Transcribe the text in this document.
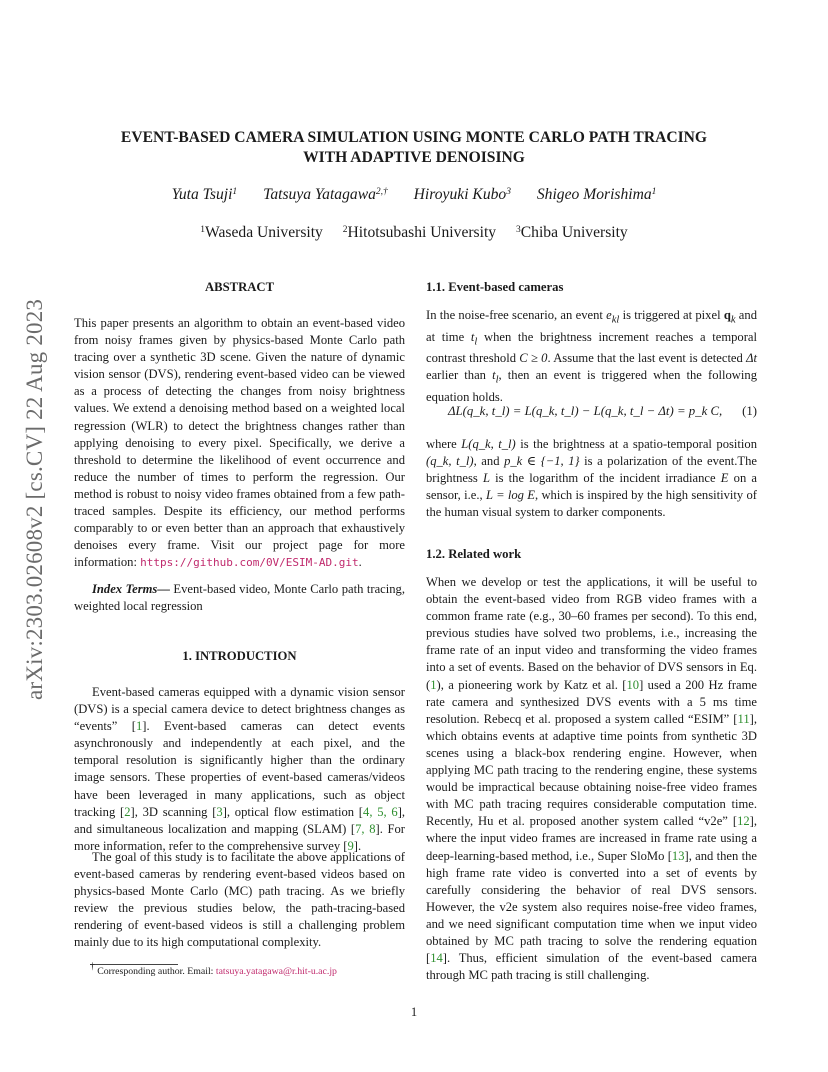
arXiv:2303.02608v2 [cs.CV] 22 Aug 2023
EVENT-BASED CAMERA SIMULATION USING MONTE CARLO PATH TRACING
WITH ADAPTIVE DENOISING
Yuta Tsuji$^1$ Tatsuya Yatagawa$^{2,\dagger}$ Hiroyuki Kubo$^3$ Shigeo Morishima$^1$
$^1$Waseda University $^2$Hitotsubashi University $^3$Chiba University
ABSTRACT

This paper presents an algorithm to obtain an event-based video from noisy frames given by physics-based Monte Carlo path tracing over a synthetic 3D scene. Given the nature of dynamic vision sensor (DVS), rendering event-based video can be viewed as a process of detecting the changes from noisy brightness values. We extend a denoising method based on a weighted local regression (WLR) to detect the brightness changes rather than applying denoising to every pixel. Specifically, we derive a threshold to determine the likelihood of event occurrence and reduce the number of times to perform the regression. Our method is robust to noisy video frames obtained from a few path-traced samples. Despite its efficiency, our method performs comparably to or even better than an approach that exhaustively denoises every frame. Visit our project page for more information: https://github.com/0V/ESIM-AD.git.

Index Terms— Event-based video, Monte Carlo path tracing, weighted local regression

1. INTRODUCTION

Event-based cameras equipped with a dynamic vision sensor (DVS) is a special camera device to detect brightness changes as “events” [1]. Event-based cameras can detect events asynchronously and independently at each pixel, and the temporal resolution is significantly higher than the ordinary image sensors. These properties of event-based cameras/videos have been leveraged in many applications, such as object tracking [2], 3D scanning [3], optical flow estimation [4, 5, 6], and simultaneous localization and mapping (SLAM) [7, 8]. For more information, refer to the comprehensive survey [9].

The goal of this study is to facilitate the above applications of event-based cameras by rendering event-based videos based on physics-based Monte Carlo (MC) path tracing. As we briefly review the previous studies below, the path-tracing-based rendering of event-based videos is still a challenging problem mainly due to its high computational complexity.

† Corresponding author. Email: tatsuya.yatagawa@r.hit-u.ac.jp
1.1. Event-based cameras

In the noise-free scenario, an event $e_{kl}$ is triggered at pixel $q_k$ and at time $t_l$ when the brightness increment reaches a temporal contrast threshold C ≥ 0. Assume that the last event is detected Δt earlier than $t_l$, then an event is triggered when the following equation holds.

ΔL(q_k, t_l) = L(q_k, t_l) − L(q_k, t_l − Δt) = p_k C, (1)

where L(q_k, t_l) is the brightness at a spatio-temporal position (q_k, t_l), and p_k ∈ {−1, 1} is a polarization of the event.The brightness L is the logarithm of the incident irradiance E on a sensor, i.e., L = log E, which is inspired by the high sensitivity of the human visual system to darker components.

1.2. Related work

When we develop or test the applications, it will be useful to obtain the event-based video from RGB video frames with a common frame rate (e.g., 30–60 frames per second). To this end, previous studies have solved two problems, i.e., increasing the frame rate of an input video and transforming the video frames into a set of events. Based on the behavior of DVS sensors in Eq. (1), a pioneering work by Katz et al. [10] used a 200 Hz frame rate camera and synthesized DVS events with a 5 ms time resolution. Rebecq et al. proposed a system called “ESIM” [11], which obtains events at adaptive time points from synthetic 3D scenes using a black-box rendering engine. However, when applying MC path tracing to the rendering engine, these systems would be impractical because obtaining noise-free video frames with MC path tracing requires considerable computation time. Recently, Hu et al. proposed another system called “v2e” [12], where the input video frames are increased in frame rate using a deep-learning-based method, i.e., Super SloMo [13], and then the high frame rate video is converted into a set of events by carefully considering the behavior of real DVS sensors. However, the v2e system also requires noise-free video frames, and we need significant computation time when we input video obtained by MC path tracing to solve the rendering equation [14]. Thus, efficient simulation of the event-based camera through MC path tracing is still challenging.

1
